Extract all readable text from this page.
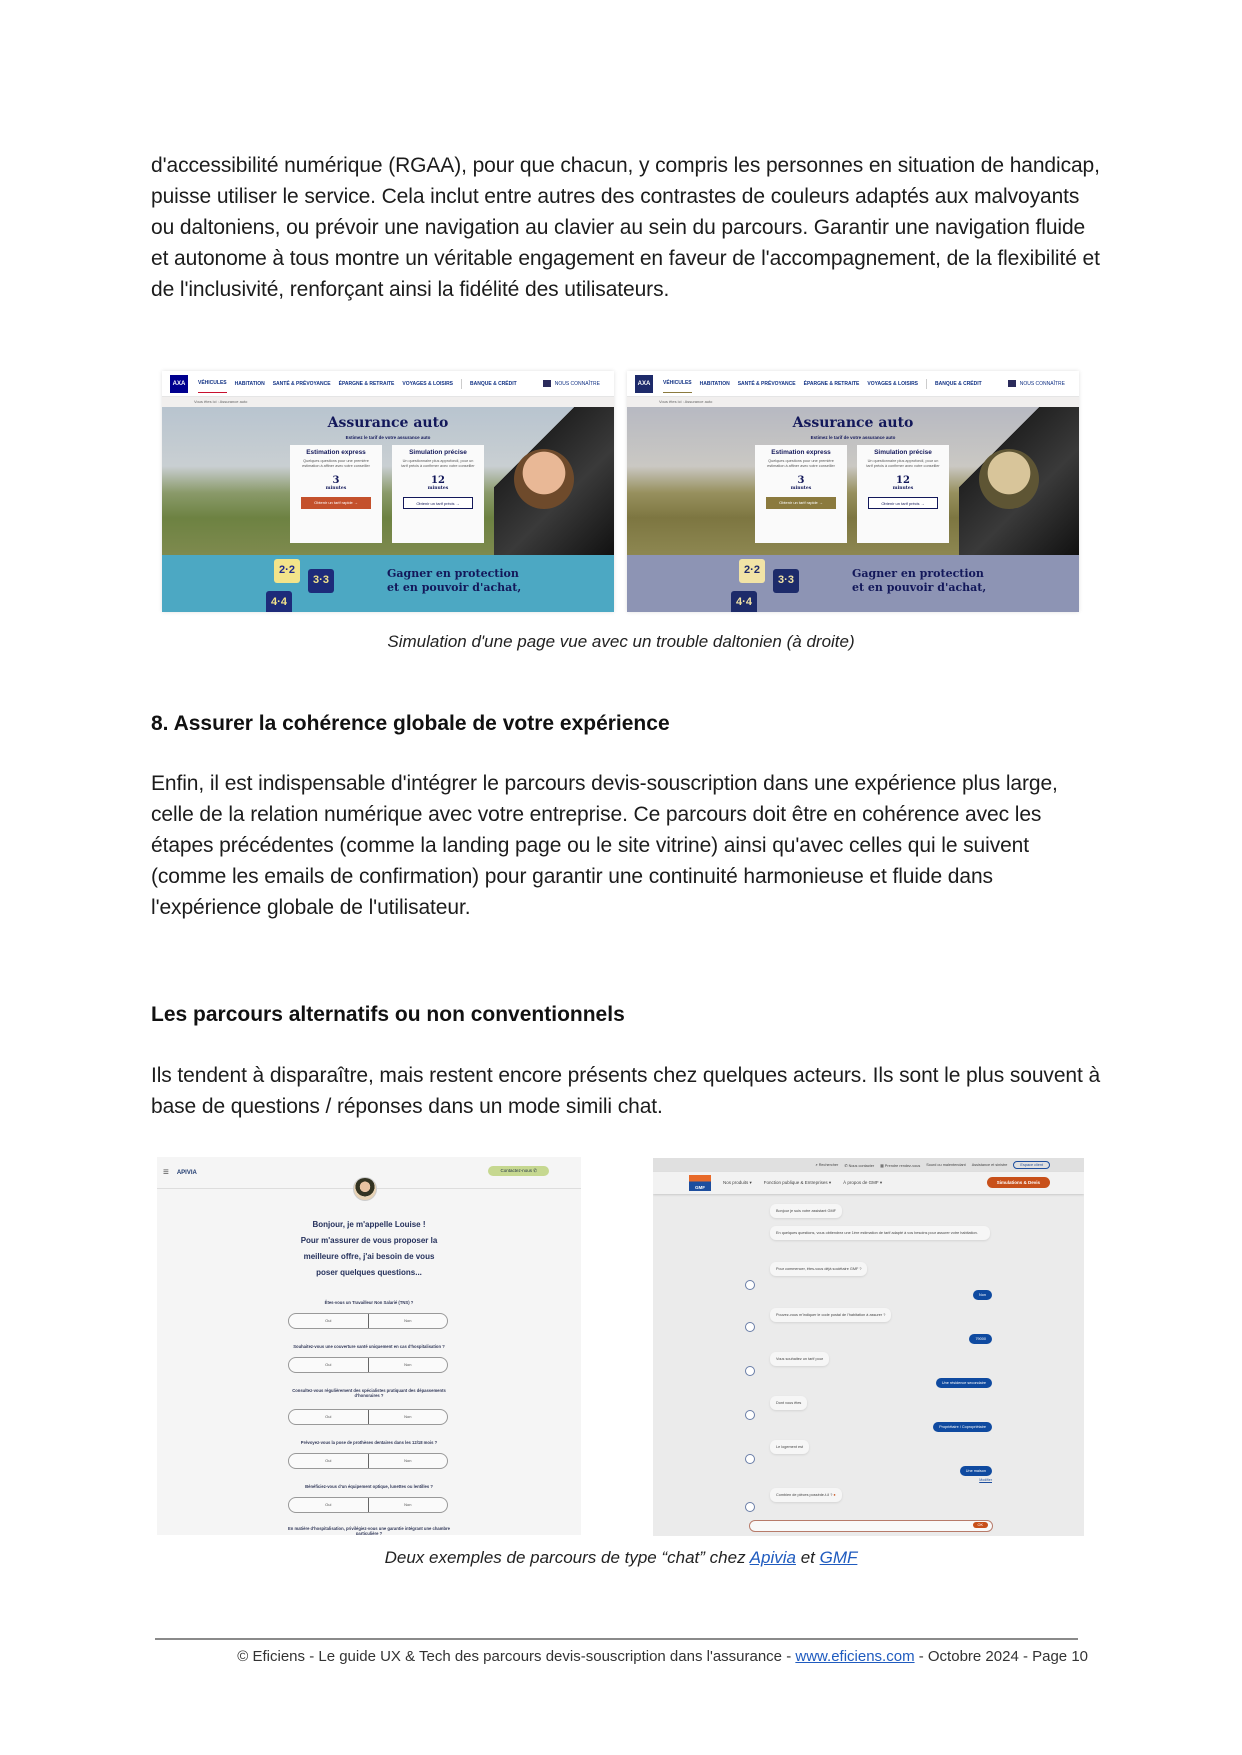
d'accessibilité numérique (RGAA), pour que chacun, y compris les personnes en situation de handicap, puisse utiliser le service. Cela inclut entre autres des contrastes de couleurs adaptés aux malvoyants ou daltoniens, ou prévoir une navigation au clavier au sein du parcours. Garantir une navigation fluide et autonome à tous montre un véritable engagement en faveur de l'accompagnement, de la flexibilité et de l'inclusivité, renforçant ainsi la fidélité des utilisateurs.

AXA	VÉHICULES HABITATION SANTÉ & PRÉVOYANCE ÉPARGNE & RETRAITE VOYAGES & LOISIRS	BANQUE & CRÉDIT	NOUS CONNAÎTRE
Vous êtes ici : Assurance auto
Assurance auto
Estimez le tarif de votre assurance auto
Estimation express
Quelques questions pour une première estimation à affiner avec votre conseiller
3
minutes
Obtenir un tarif rapide →
Simulation précise
Un questionnaire plus approfondi, pour un tarif précis à confirmer avec votre conseiller
12
minutes
Obtenir un tarif précis →
2·2
3·3
4·4
Gagner en protection
et en pouvoir d'achat,
AXA	VÉHICULES HABITATION SANTÉ & PRÉVOYANCE ÉPARGNE & RETRAITE VOYAGES & LOISIRS	BANQUE & CRÉDIT	NOUS CONNAÎTRE
Vous êtes ici : Assurance auto
Assurance auto
Estimez le tarif de votre assurance auto
Estimation express
Quelques questions pour une première estimation à affiner avec votre conseiller
3
minutes
Obtenir un tarif rapide →
Simulation précise
Un questionnaire plus approfondi, pour un tarif précis à confirmer avec votre conseiller
12
minutes
Obtenir un tarif précis →
2·2
3·3
4·4
Gagner en protection
et en pouvoir d'achat,
Simulation d'une page vue avec un trouble daltonien (à droite)
8. Assurer la cohérence globale de votre expérience

Enfin, il est indispensable d'intégrer le parcours devis-souscription dans une expérience plus large, celle de la relation numérique avec votre entreprise. Ce parcours doit être en cohérence avec les étapes précédentes (comme la landing page ou le site vitrine) ainsi qu'avec celles qui le suivent (comme les emails de confirmation) pour garantir une continuité harmonieuse et fluide dans l'expérience globale de l'utilisateur.

Les parcours alternatifs ou non conventionnels

Ils tendent à disparaître, mais restent encore présents chez quelques acteurs. Ils sont le plus souvent à base de questions / réponses dans un mode simili chat.

≡ APIVIA	Contactez-nous ✆
Bonjour, je m'appelle Louise !
Pour m'assurer de vous proposer la
meilleure offre, j'ai besoin de vous
poser quelques questions...
Êtes-vous un Travailleur Non Salarié (TNS) ?
Oui	Non
Souhaitez-vous une couverture santé uniquement en cas d'hospitalisation ?
Oui	Non
Consultez-vous régulièrement des spécialistes pratiquant des dépassements d'honoraires ?
Oui	Non
Prévoyez-vous la pose de prothèses dentaires dans les 12/18 mois ?
Oui	Non
Bénéficiez-vous d'un équipement optique, lunettes ou lentilles ?
Oui	Non
En matière d'hospitalisation, privilégiez-vous une garantie intégrant une chambre particulière ?
⌕ Rechercher ✆ Nous contacter ▦ Prendre rendez-vous Sourd ou malentendant Assistance et sinistre	Espace client
GMF
Nos produits ▾	Fonction publique & Entreprises ▾	À propos de GMF ▾	Simulations & Devis
Bonjour je suis votre assistant GMF
En quelques questions, vous obtiendrez une 1ère estimation de tarif adapté à vos besoins pour assurer votre habitation.
Pour commencer, êtes-vous déjà sociétaire GMF ?
Non
Pouvez-vous m'indiquer le code postal de l'habitation à assurer ?
79000
Vous souhaitez un tarif pour
Une résidence secondaire
Dont vous êtes
Propriétaire / Copropriétaire
Le logement est
Une maison
Modifier
Combien de pièces possède-t-il ? ●
OK
Deux exemples de parcours de type “chat” chez Apivia et GMF
© Eficiens - Le guide UX & Tech des parcours devis-souscription dans l'assurance - www.eficiens.com - Octobre 2024 - Page 10
